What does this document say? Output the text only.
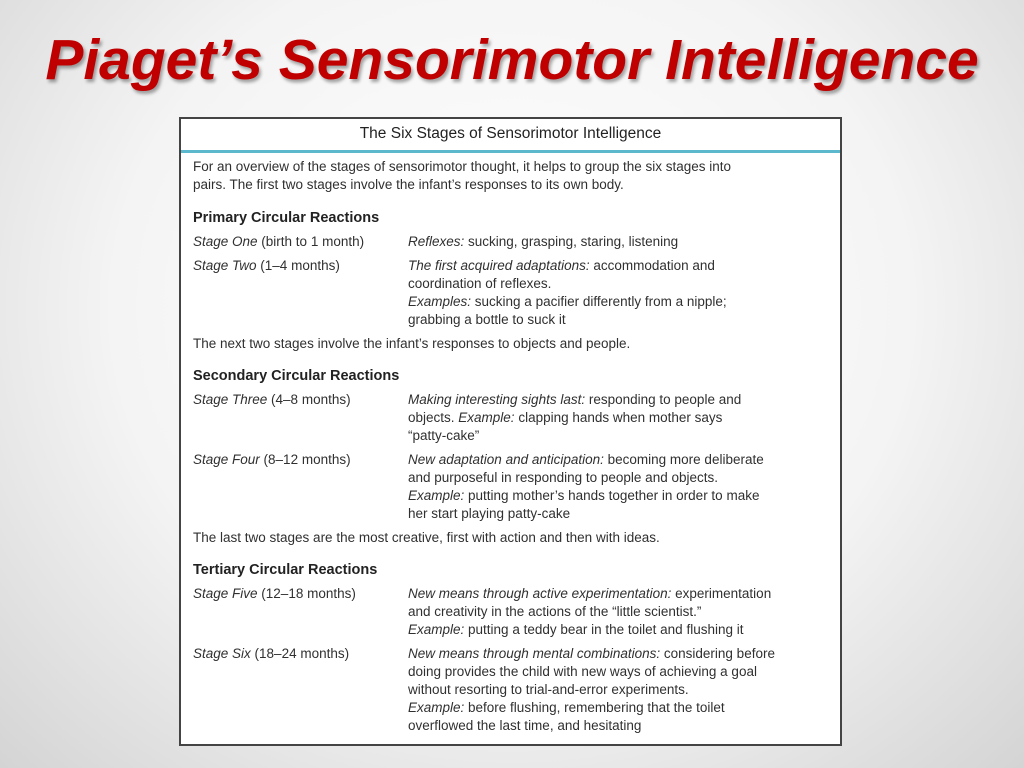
Piaget’s Sensorimotor Intelligence
The Six Stages of Sensorimotor Intelligence

For an overview of the stages of sensorimotor thought, it helps to group the six stages into
pairs. The first two stages involve the infant’s responses to its own body.

Primary Circular Reactions
Stage One (birth to 1 month)	Reflexes: sucking, grasping, staring, listening
Stage Two (1–4 months)	The first acquired adaptations: accommodation and
coordination of reflexes.
Examples: sucking a pacifier differently from a nipple;
grabbing a bottle to suck it

The next two stages involve the infant’s responses to objects and people.

Secondary Circular Reactions
Stage Three (4–8 months)	Making interesting sights last: responding to people and
objects. Example: clapping hands when mother says
“patty-cake”
Stage Four (8–12 months)	New adaptation and anticipation: becoming more deliberate
and purposeful in responding to people and objects.
Example: putting mother’s hands together in order to make
her start playing patty-cake

The last two stages are the most creative, first with action and then with ideas.

Tertiary Circular Reactions
Stage Five (12–18 months)	New means through active experimentation: experimentation
and creativity in the actions of the “little scientist.”
Example: putting a teddy bear in the toilet and flushing it
Stage Six (18–24 months)	New means through mental combinations: considering before
doing provides the child with new ways of achieving a goal
without resorting to trial-and-error experiments.
Example: before flushing, remembering that the toilet
overflowed the last time, and hesitating
